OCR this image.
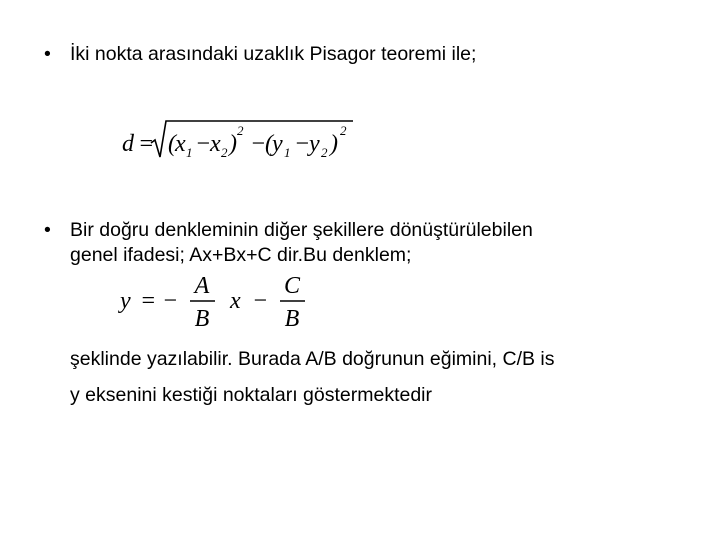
• İki nokta arasındaki uzaklık Pisagor teoremi ile;
d = ( x 1 −
x 2 )
2
−
( y 1 −
y 2 )
2
• Bir doğru denkleminin diğer şekillere dönüştürülebilen
genel ifadesi; Ax+Bx+C dir.Bu denklem;
y = −
A
B
x −
C
B
şeklinde yazılabilir. Burada A/B doğrunun eğimini, C/B is
y eksenini kestiği noktaları göstermektedir
